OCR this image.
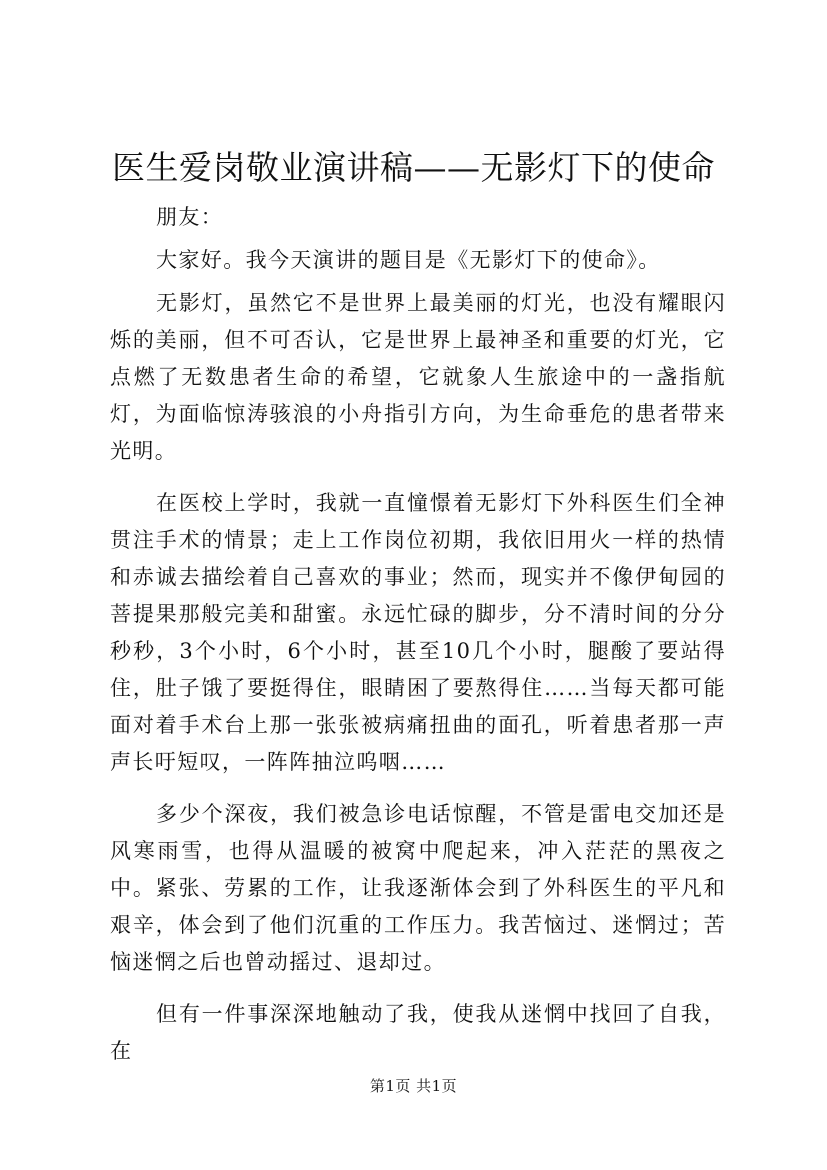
医生爱岗敬业演讲稿——无影灯下的使命

朋友：

大家好。我今天演讲的题目是《无影灯下的使命》。

无影灯，虽然它不是世界上最美丽的灯光，也没有耀眼闪烁的美丽，但不可否认，它是世界上最神圣和重要的灯光，它点燃了无数患者生命的希望，它就象人生旅途中的一盏指航灯，为面临惊涛骇浪的小舟指引方向，为生命垂危的患者带来光明。

在医校上学时，我就一直憧憬着无影灯下外科医生们全神贯注手术的情景；走上工作岗位初期，我依旧用火一样的热情和赤诚去描绘着自己喜欢的事业；然而，现实并不像伊甸园的菩提果那般完美和甜蜜。永远忙碌的脚步，分不清时间的分分秒秒，3个小时，6个小时，甚至10几个小时，腿酸了要站得住，肚子饿了要挺得住，眼睛困了要熬得住……当每天都可能面对着手术台上那一张张被病痛扭曲的面孔，听着患者那一声声长吁短叹，一阵阵抽泣呜咽……

多少个深夜，我们被急诊电话惊醒，不管是雷电交加还是风寒雨雪，也得从温暖的被窝中爬起来，冲入茫茫的黑夜之中。紧张、劳累的工作，让我逐渐体会到了外科医生的平凡和艰辛，体会到了他们沉重的工作压力。我苦恼过、迷惘过；苦恼迷惘之后也曾动摇过、退却过。

但有一件事深深地触动了我，使我从迷惘中找回了自我，在

第1页 共1页
